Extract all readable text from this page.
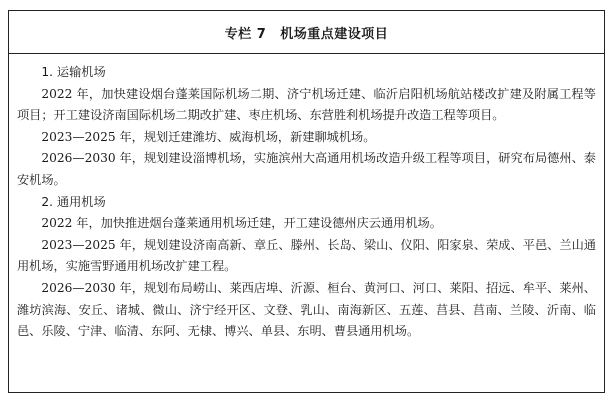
专栏 7 机场重点建设项目

1. 运输机场

2022 年，加快建设烟台蓬莱国际机场二期、济宁机场迁建、临沂启阳机场航站楼改扩建及附属工程等项目；开工建设济南国际机场二期改扩建、枣庄机场、东营胜利机场提升改造工程等项目。

2023—2025 年，规划迁建潍坊、威海机场，新建聊城机场。

2026—2030 年，规划建设淄博机场，实施滨州大高通用机场改造升级工程等项目，研究布局德州、泰安机场。

2. 通用机场

2022 年，加快推进烟台蓬莱通用机场迁建，开工建设德州庆云通用机场。

2023—2025 年，规划建设济南高新、章丘、滕州、长岛、梁山、仪阳、阳家泉、荣成、平邑、兰山通用机场，实施雪野通用机场改扩建工程。

2026—2030 年，规划布局崂山、莱西店埠、沂源、桓台、黄河口、河口、莱阳、招远、牟平、莱州、潍坊滨海、安丘、诸城、微山、济宁经开区、文登、乳山、南海新区、五莲、莒县、莒南、兰陵、沂南、临邑、乐陵、宁津、临清、东阿、无棣、博兴、单县、东明、曹县通用机场。
